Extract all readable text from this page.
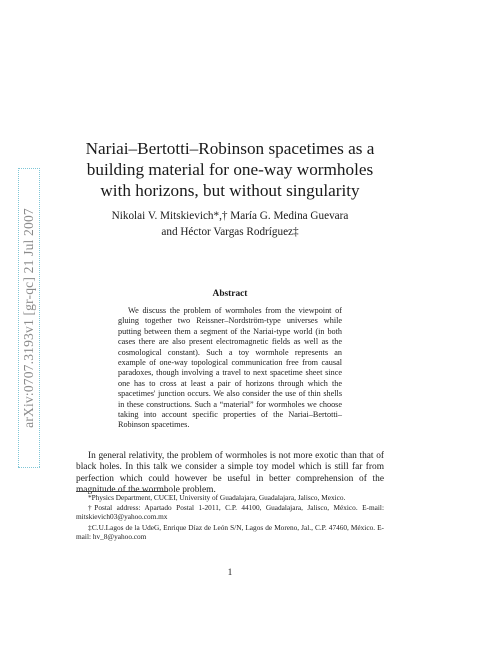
arXiv:0707.3193v1 [gr-qc] 21 Jul 2007
Nariai–Bertotti–Robinson spacetimes as a building material for one-way wormholes with horizons, but without singularity
Nikolai V. Mitskievich*,† María G. Medina Guevara
and Héctor Vargas Rodríguez‡
Abstract

We discuss the problem of wormholes from the viewpoint of gluing together two Reissner–Nordström-type universes while putting between them a segment of the Nariai-type world (in both cases there are also present electromagnetic fields as well as the cosmological constant). Such a toy wormhole represents an example of one-way topological communication free from causal paradoxes, though involving a travel to next spacetime sheet since one has to cross at least a pair of horizons through which the spacetimes' junction occurs. We also consider the use of thin shells in these constructions. Such a “material” for wormholes we choose taking into account specific properties of the Nariai–Bertotti–Robinson spacetimes.

In general relativity, the problem of wormholes is not more exotic than that of black holes. In this talk we consider a simple toy model which is still far from perfection which could however be useful in better comprehension of the magnitude of the wormhole problem.

*Physics Department, CUCEI, University of Guadalajara, Guadalajara, Jalisco, Mexico.

†Postal address: Apartado Postal 1-2011, C.P. 44100, Guadalajara, Jalisco, México. E-mail: mitskievich03@yahoo.com.mx

‡C.U.Lagos de la UdeG, Enrique Díaz de León S/N, Lagos de Moreno, Jal., C.P. 47460, México. E-mail: hv_8@yahoo.com

1
